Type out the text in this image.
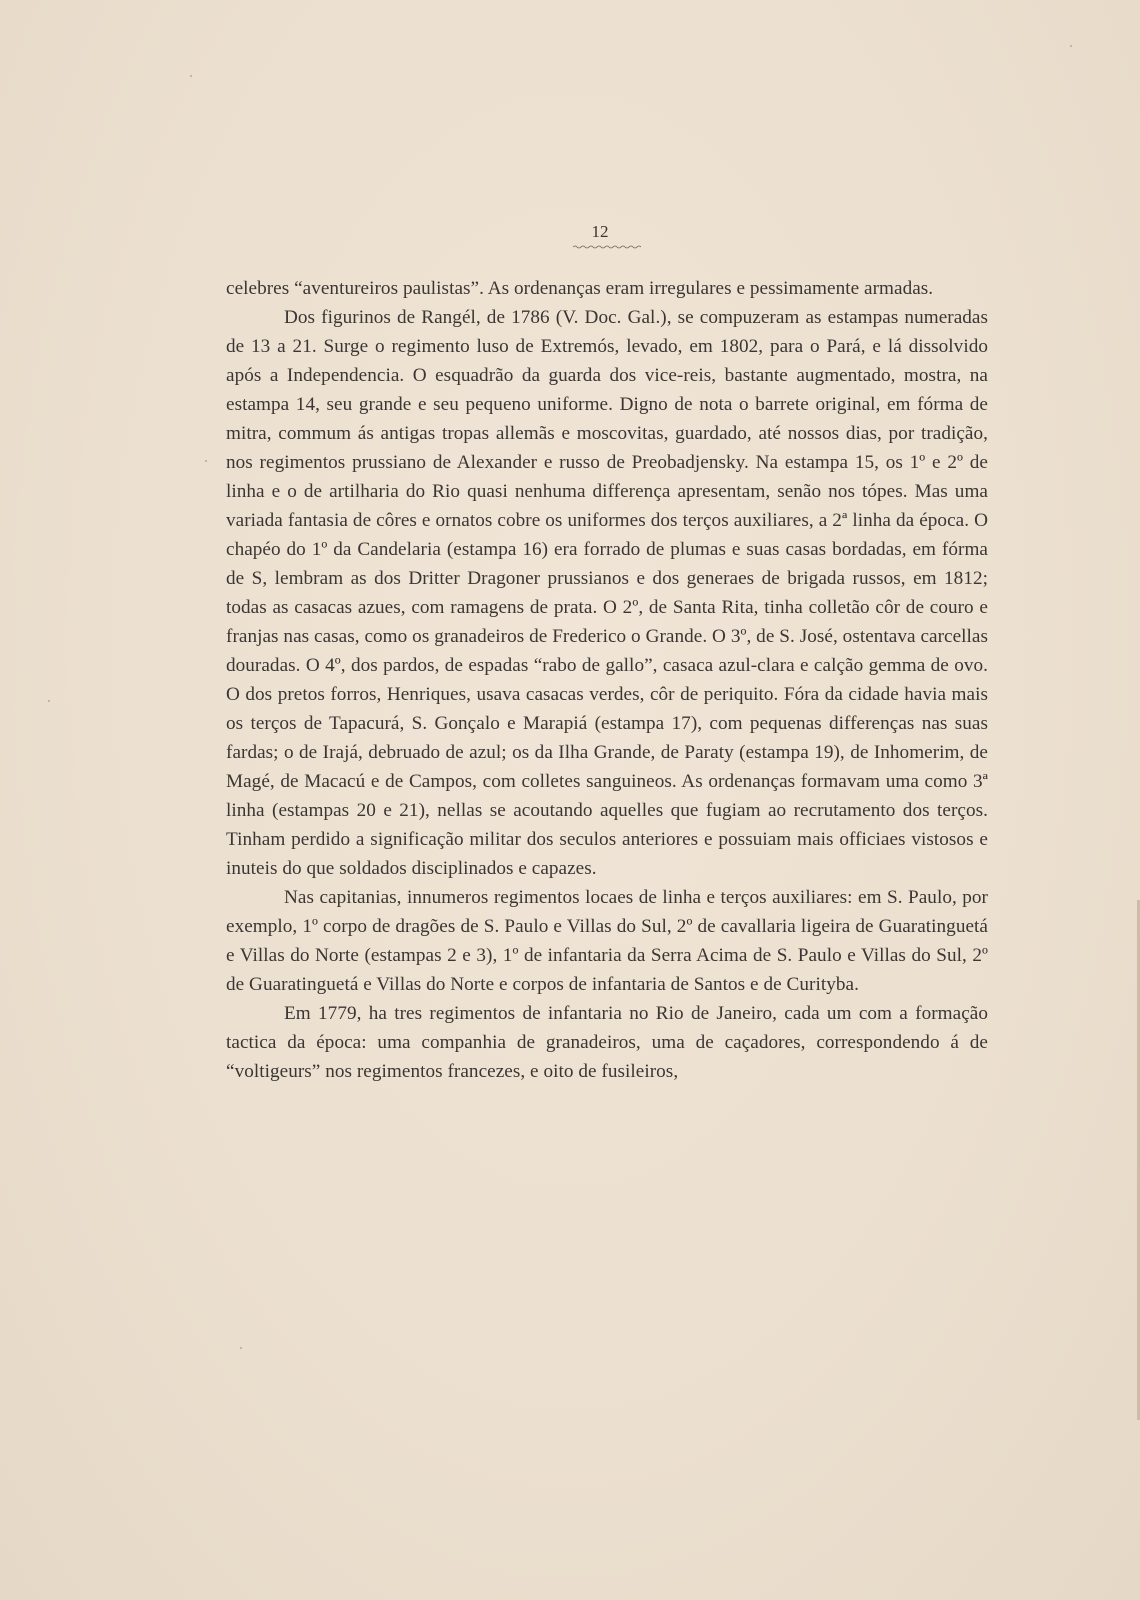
12

celebres “aventureiros paulistas”. As ordenanças eram irregulares e pessimamente armadas.

Dos figurinos de Rangél, de 1786 (V. Doc. Gal.), se compuzeram as estampas numeradas de 13 a 21. Surge o regimento luso de Extremós, levado, em 1802, para o Pará, e lá dissolvido após a Independencia. O esquadrão da guarda dos vice-reis, bastante augmentado, mostra, na estampa 14, seu grande e seu pequeno uniforme. Digno de nota o barrete original, em fórma de mitra, commum ás antigas tropas allemãs e moscovitas, guardado, até nossos dias, por tradição, nos regimentos prussiano de Alexander e russo de Preobadjensky. Na estampa 15, os 1º e 2º de linha e o de artilharia do Rio quasi nenhuma differença apresentam, senão nos tópes. Mas uma variada fantasia de côres e ornatos cobre os uniformes dos terços auxiliares, a 2ª linha da época. O chapéo do 1º da Candelaria (estampa 16) era forrado de plumas e suas casas bordadas, em fórma de S, lembram as dos Dritter Dragoner prussianos e dos generaes de brigada russos, em 1812; todas as casacas azues, com ramagens de prata. O 2º, de Santa Rita, tinha colletão côr de couro e franjas nas casas, como os granadeiros de Frederico o Grande. O 3º, de S. José, ostentava carcellas douradas. O 4º, dos pardos, de espadas “rabo de gallo”, casaca azul-clara e calção gemma de ovo. O dos pretos forros, Henriques, usava casacas verdes, côr de periquito. Fóra da cidade havia mais os terços de Tapacurá, S. Gonçalo e Marapiá (estampa 17), com pequenas differenças nas suas fardas; o de Irajá, debruado de azul; os da Ilha Grande, de Paraty (estampa 19), de Inhomerim, de Magé, de Macacú e de Campos, com colletes sanguineos. As ordenanças formavam uma como 3ª linha (estampas 20 e 21), nellas se acoutando aquelles que fugiam ao recrutamento dos terços. Tinham perdido a significação militar dos seculos anteriores e possuiam mais officiaes vistosos e inuteis do que soldados disciplinados e capazes.

Nas capitanias, innumeros regimentos locaes de linha e terços auxiliares: em S. Paulo, por exemplo, 1º corpo de dragões de S. Paulo e Villas do Sul, 2º de cavallaria ligeira de Guaratinguetá e Villas do Norte (estampas 2 e 3), 1º de infantaria da Serra Acima de S. Paulo e Villas do Sul, 2º de Guaratinguetá e Villas do Norte e corpos de infantaria de Santos e de Curityba.

Em 1779, ha tres regimentos de infantaria no Rio de Janeiro, cada um com a formação tactica da época: uma companhia de granadeiros, uma de caçadores, correspondendo á de “voltigeurs” nos regimentos francezes, e oito de fusileiros,
